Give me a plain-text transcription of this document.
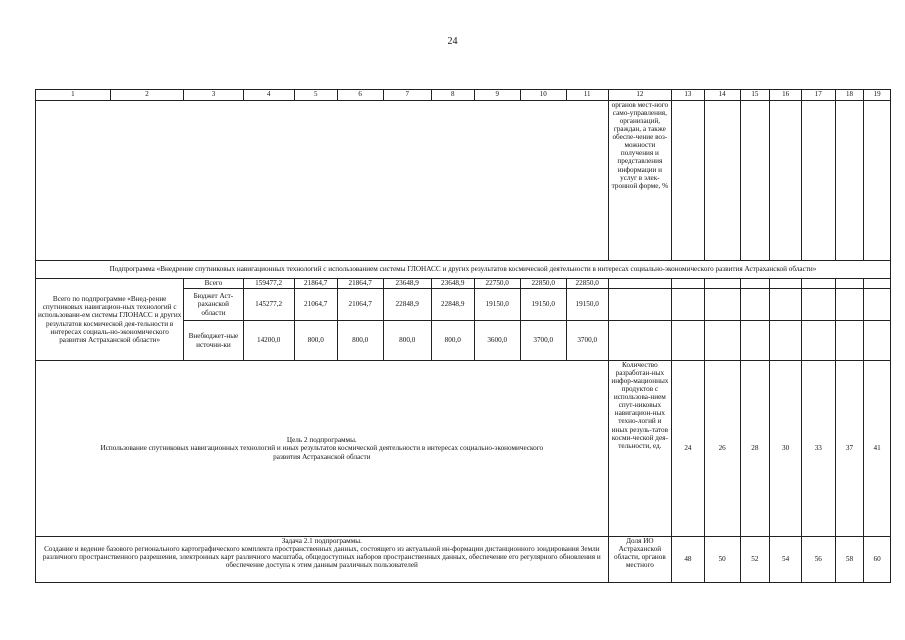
24
1	2	3	4	5	6	7	8	9	10	11	12	13	14	15	16	17	18	19
											органов мест-ного само-управления, организаций, граждан, а также обеспе-чение воз-можности получения и представления информации и услуг в элек-тронной форме, %							
Подпрограмма «Внедрение спутниковых навигационных технологий с использованием системы ГЛОНАСС и других результатов космической деятельности в интересах социально-экономического развития Астраханской области»																		
Всего по подпрограмме «Внед-рение спутниковых навигацион-ных технологий с использовани-ем системы ГЛОНАСС и других результатов космической дея-тельности в интересах социаль-но-экономического развития Астраханской области»		Всего	159477,2	21864,7	21864,7	23648,9	23648,9	22750,0	22850,0	22850,0								
		Бюджет Аст-раханской области	145277,2	21064,7	21064,7	22848,9	22848,9	19150,0	19150,0	19150,0								
		Внебюджет-ные источни-ки	14200,0	800,0	800,0	800,0	800,0	3600,0	3700,0	3700,0								

Цель 2 подпрограммы.
Использование спутниковых навигационных технологий и иных результатов космической деятельности в интересах социально-экономического развития Астраханской области											Количество разработан-ных инфор-мационных продуктов с использова-нием спут-никовых навигацион-ных техно-логий и иных резуль-татов косми-ческой дея-тельности, ед.	24	26	28	30	33	37	41

Задача 2.1 подпрограммы.
Создание и ведение базового регионального картографического комплекта пространственных данных, состоящего из актуальной ин-формации дистанционного зондирования Земли различного пространственного разрешения, электронных карт различного масштаба, общедоступных наборов пространственных данных, обеспечение его регулярного обновления и обеспечение доступа к этим данным различных пользователей											Доля ИО Астраханской области, органов местного	48	50	52	54	56	58	60
